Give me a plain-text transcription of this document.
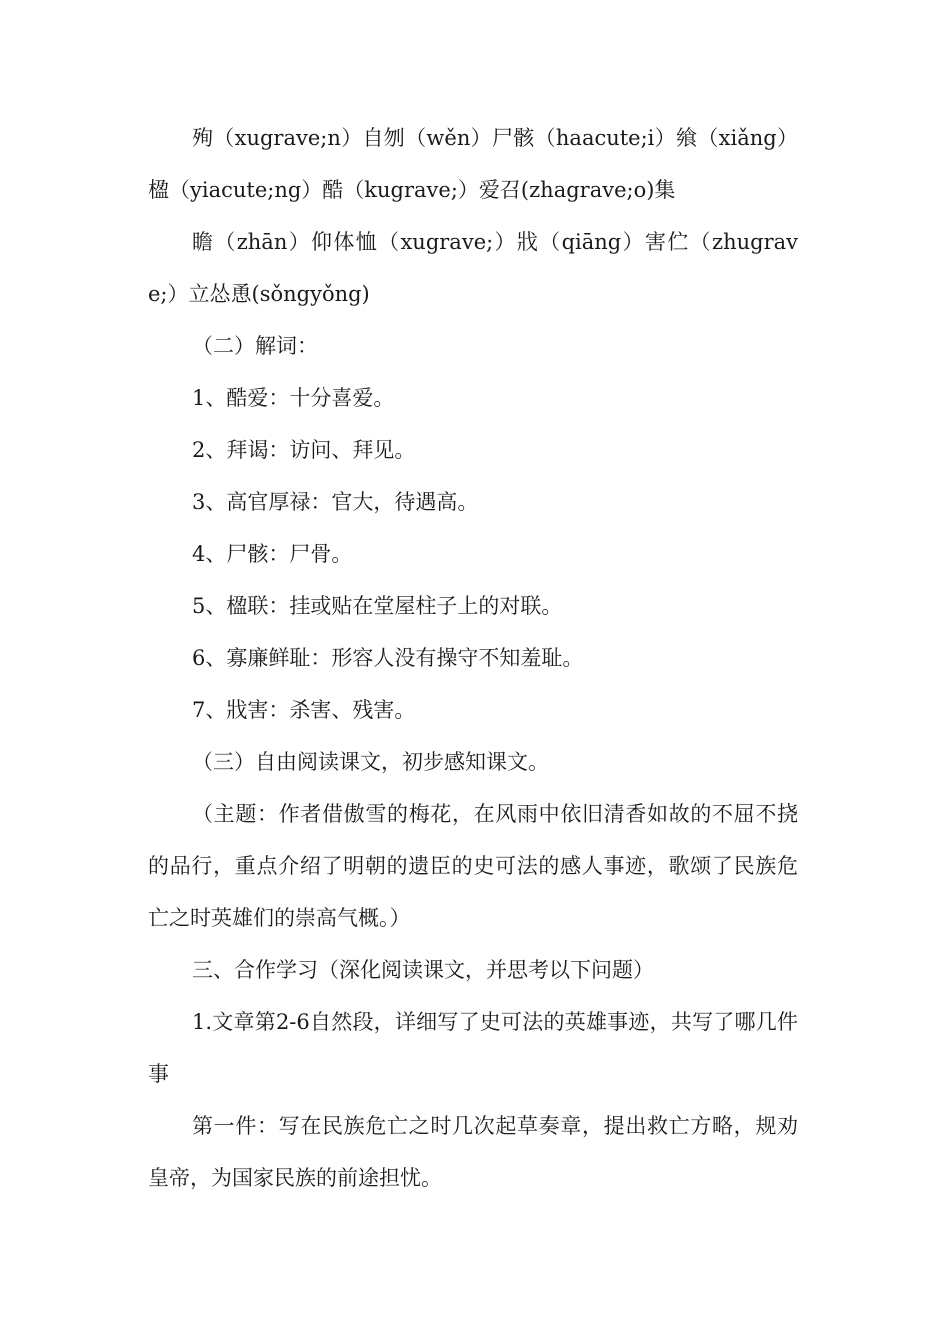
殉（xugrave;n）自刎（wěn）尸骸（haacute;i）飨（xiǎng）楹（yiacute;ng）酷（kugrave;）爱召(zhagrave;o)集

瞻（zhān）仰体恤（xugrave;）戕（qiāng）害伫（zhugrave;）立怂恿(sǒngyǒng)

（二）解词：

1、酷爱：十分喜爱。

2、拜谒：访问、拜见。

3、高官厚禄：官大，待遇高。

4、尸骸：尸骨。

5、楹联：挂或贴在堂屋柱子上的对联。

6、寡廉鲜耻：形容人没有操守不知羞耻。

7、戕害：杀害、残害。

（三）自由阅读课文，初步感知课文。

（主题：作者借傲雪的梅花，在风雨中依旧清香如故的不屈不挠的品行，重点介绍了明朝的遗臣的史可法的感人事迹，歌颂了民族危亡之时英雄们的崇高气概。）

三、合作学习（深化阅读课文，并思考以下问题）

1.文章第2-6自然段，详细写了史可法的英雄事迹，共写了哪几件事

第一件：写在民族危亡之时几次起草奏章，提出救亡方略，规劝皇帝，为国家民族的前途担忧。
